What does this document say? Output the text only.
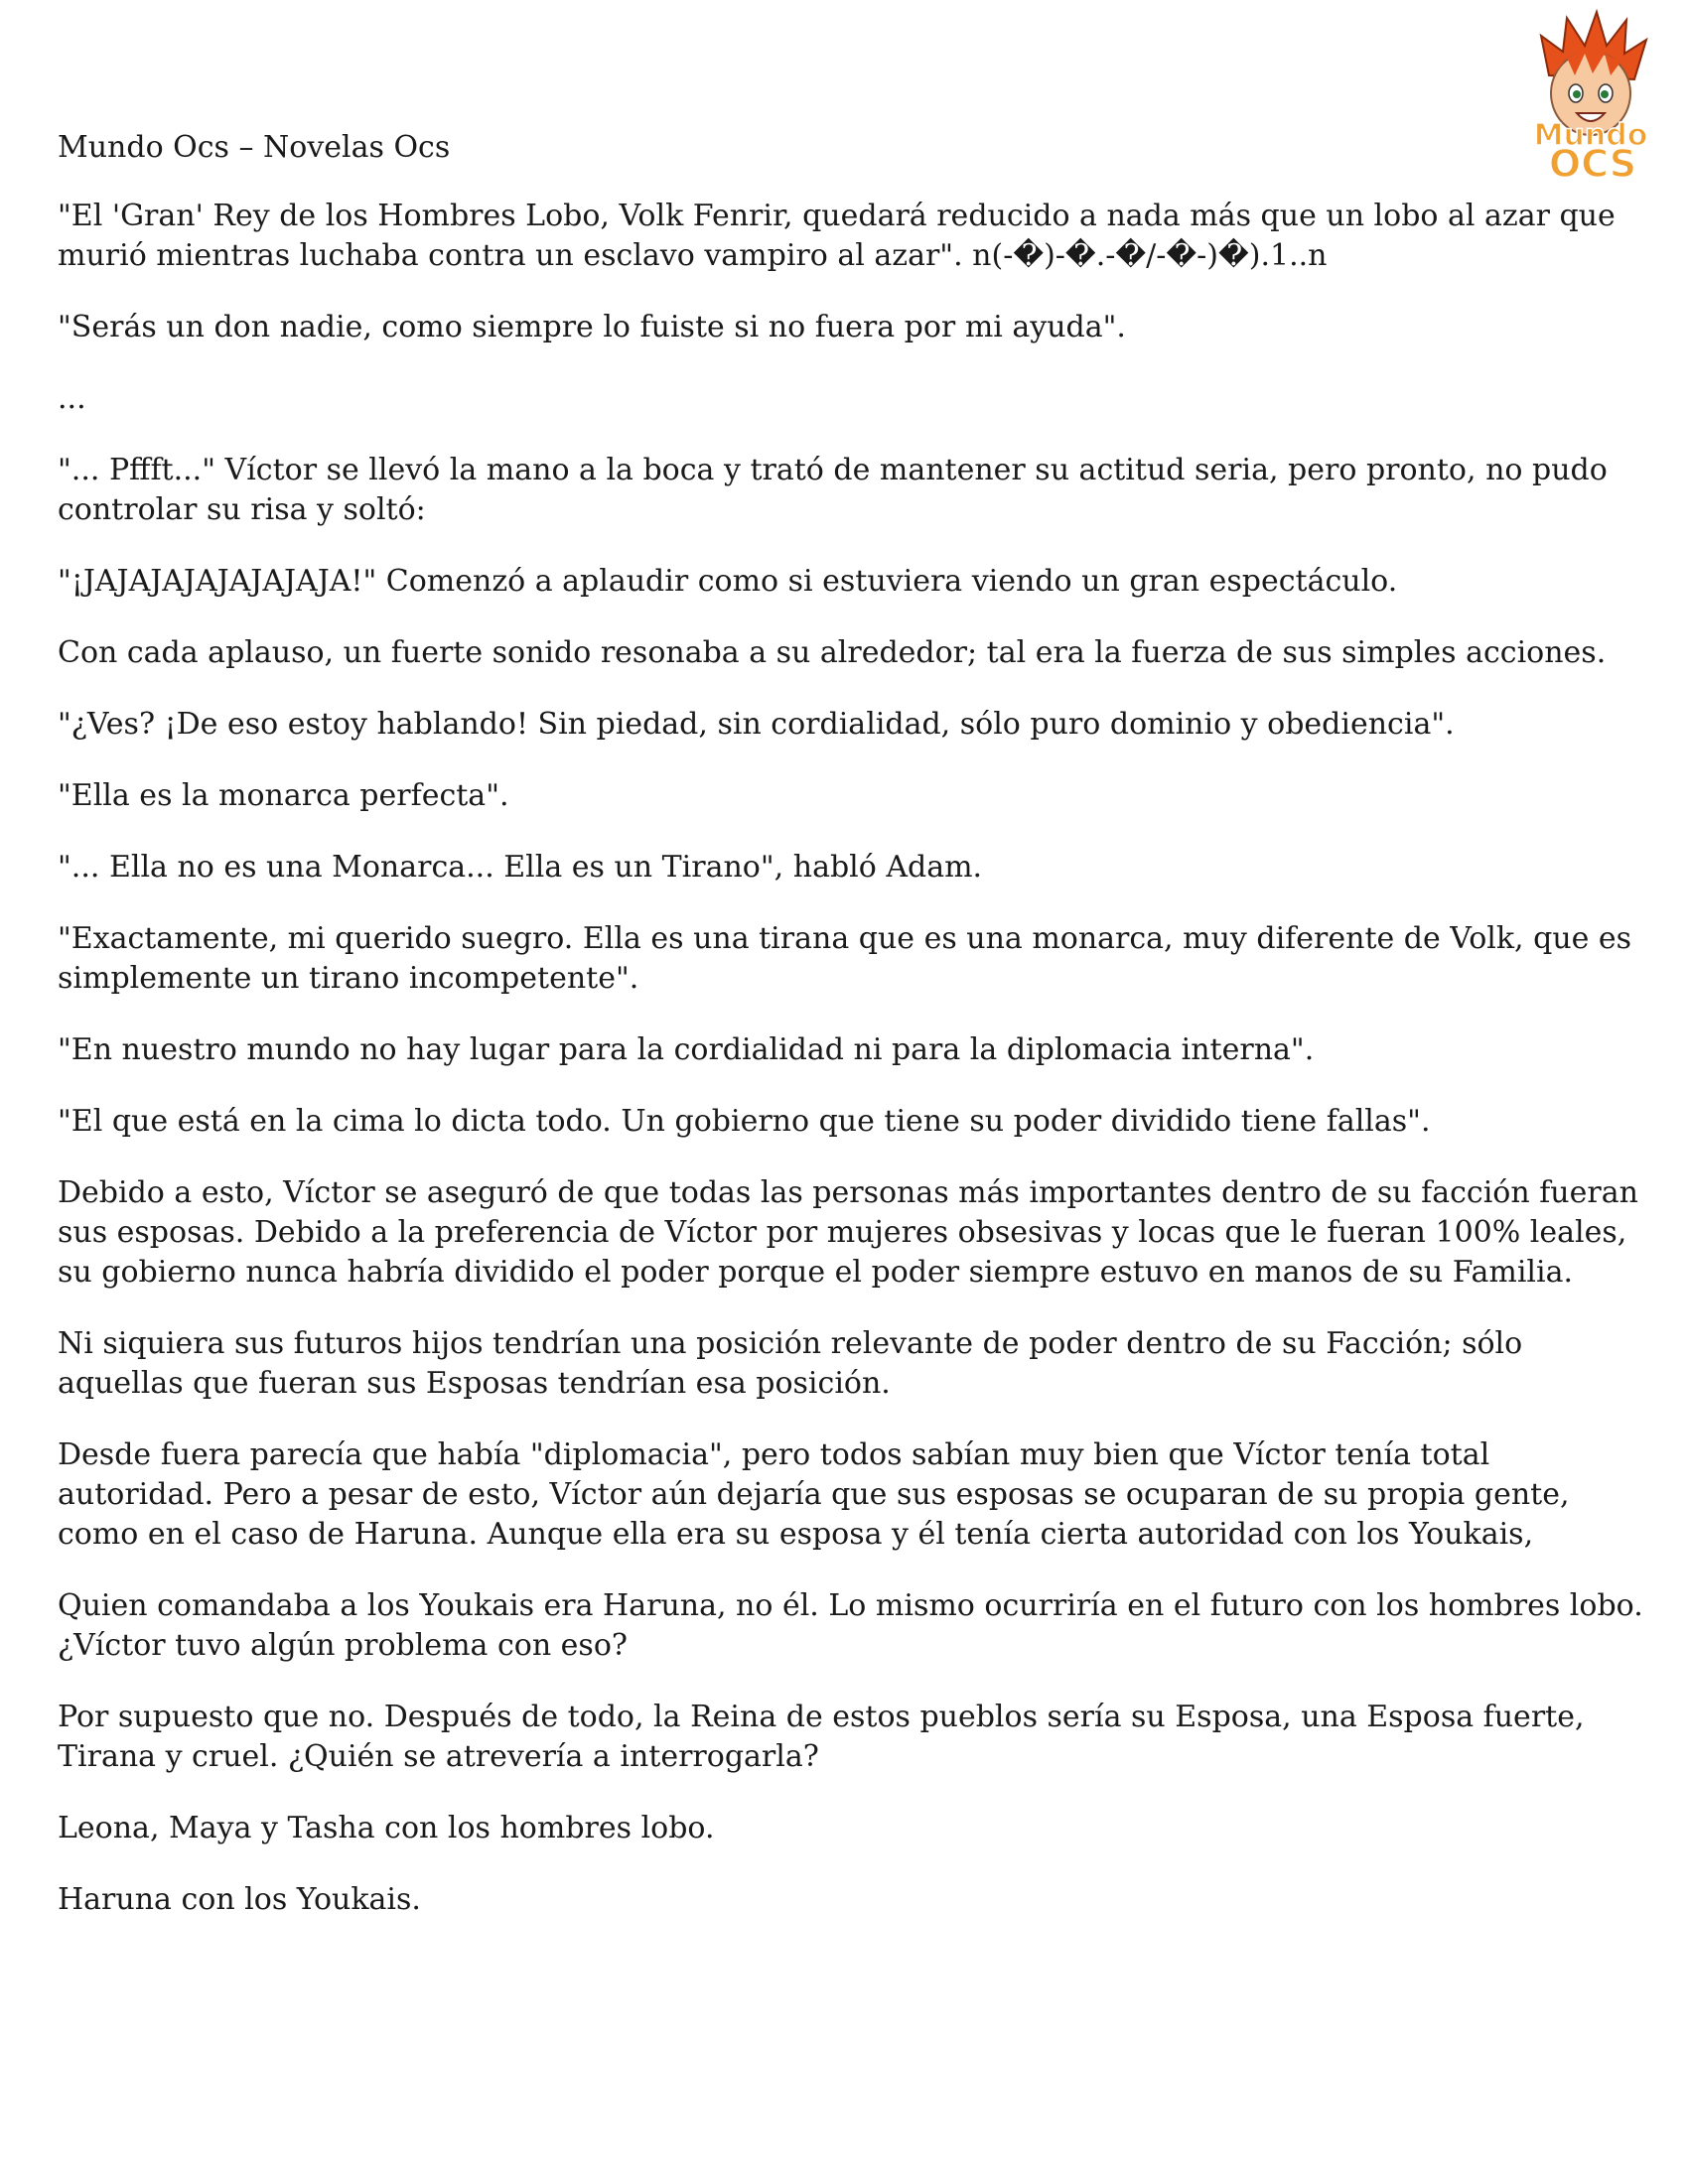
Mundo
OCS
Mundo Ocs – Novelas Ocs

"El 'Gran' Rey de los Hombres Lobo, Volk Fenrir, quedará reducido a nada más que un lobo al azar que murió mientras luchaba contra un esclavo vampiro al azar". n(-�)-�.-�/-�-)�).1..n

"Serás un don nadie, como siempre lo fuiste si no fuera por mi ayuda".

...

"... Pffft..." Víctor se llevó la mano a la boca y trató de mantener su actitud seria, pero pronto, no pudo controlar su risa y soltó:

"¡JAJAJAJAJAJAJAJA!" Comenzó a aplaudir como si estuviera viendo un gran espectáculo.

Con cada aplauso, un fuerte sonido resonaba a su alrededor; tal era la fuerza de sus simples acciones.

"¿Ves? ¡De eso estoy hablando! Sin piedad, sin cordialidad, sólo puro dominio y obediencia".

"Ella es la monarca perfecta".

"... Ella no es una Monarca... Ella es un Tirano", habló Adam.

"Exactamente, mi querido suegro. Ella es una tirana que es una monarca, muy diferente de Volk, que es simplemente un tirano incompetente".

"En nuestro mundo no hay lugar para la cordialidad ni para la diplomacia interna".

"El que está en la cima lo dicta todo. Un gobierno que tiene su poder dividido tiene fallas".

Debido a esto, Víctor se aseguró de que todas las personas más importantes dentro de su facción fueran sus esposas. Debido a la preferencia de Víctor por mujeres obsesivas y locas que le fueran 100% leales, su gobierno nunca habría dividido el poder porque el poder siempre estuvo en manos de su Familia.

Ni siquiera sus futuros hijos tendrían una posición relevante de poder dentro de su Facción; sólo aquellas que fueran sus Esposas tendrían esa posición.

Desde fuera parecía que había "diplomacia", pero todos sabían muy bien que Víctor tenía total autoridad. Pero a pesar de esto, Víctor aún dejaría que sus esposas se ocuparan de su propia gente, como en el caso de Haruna. Aunque ella era su esposa y él tenía cierta autoridad con los Youkais,

Quien comandaba a los Youkais era Haruna, no él. Lo mismo ocurriría en el futuro con los hombres lobo. ¿Víctor tuvo algún problema con eso?

Por supuesto que no. Después de todo, la Reina de estos pueblos sería su Esposa, una Esposa fuerte, Tirana y cruel. ¿Quién se atrevería a interrogarla?

Leona, Maya y Tasha con los hombres lobo.

Haruna con los Youkais.
